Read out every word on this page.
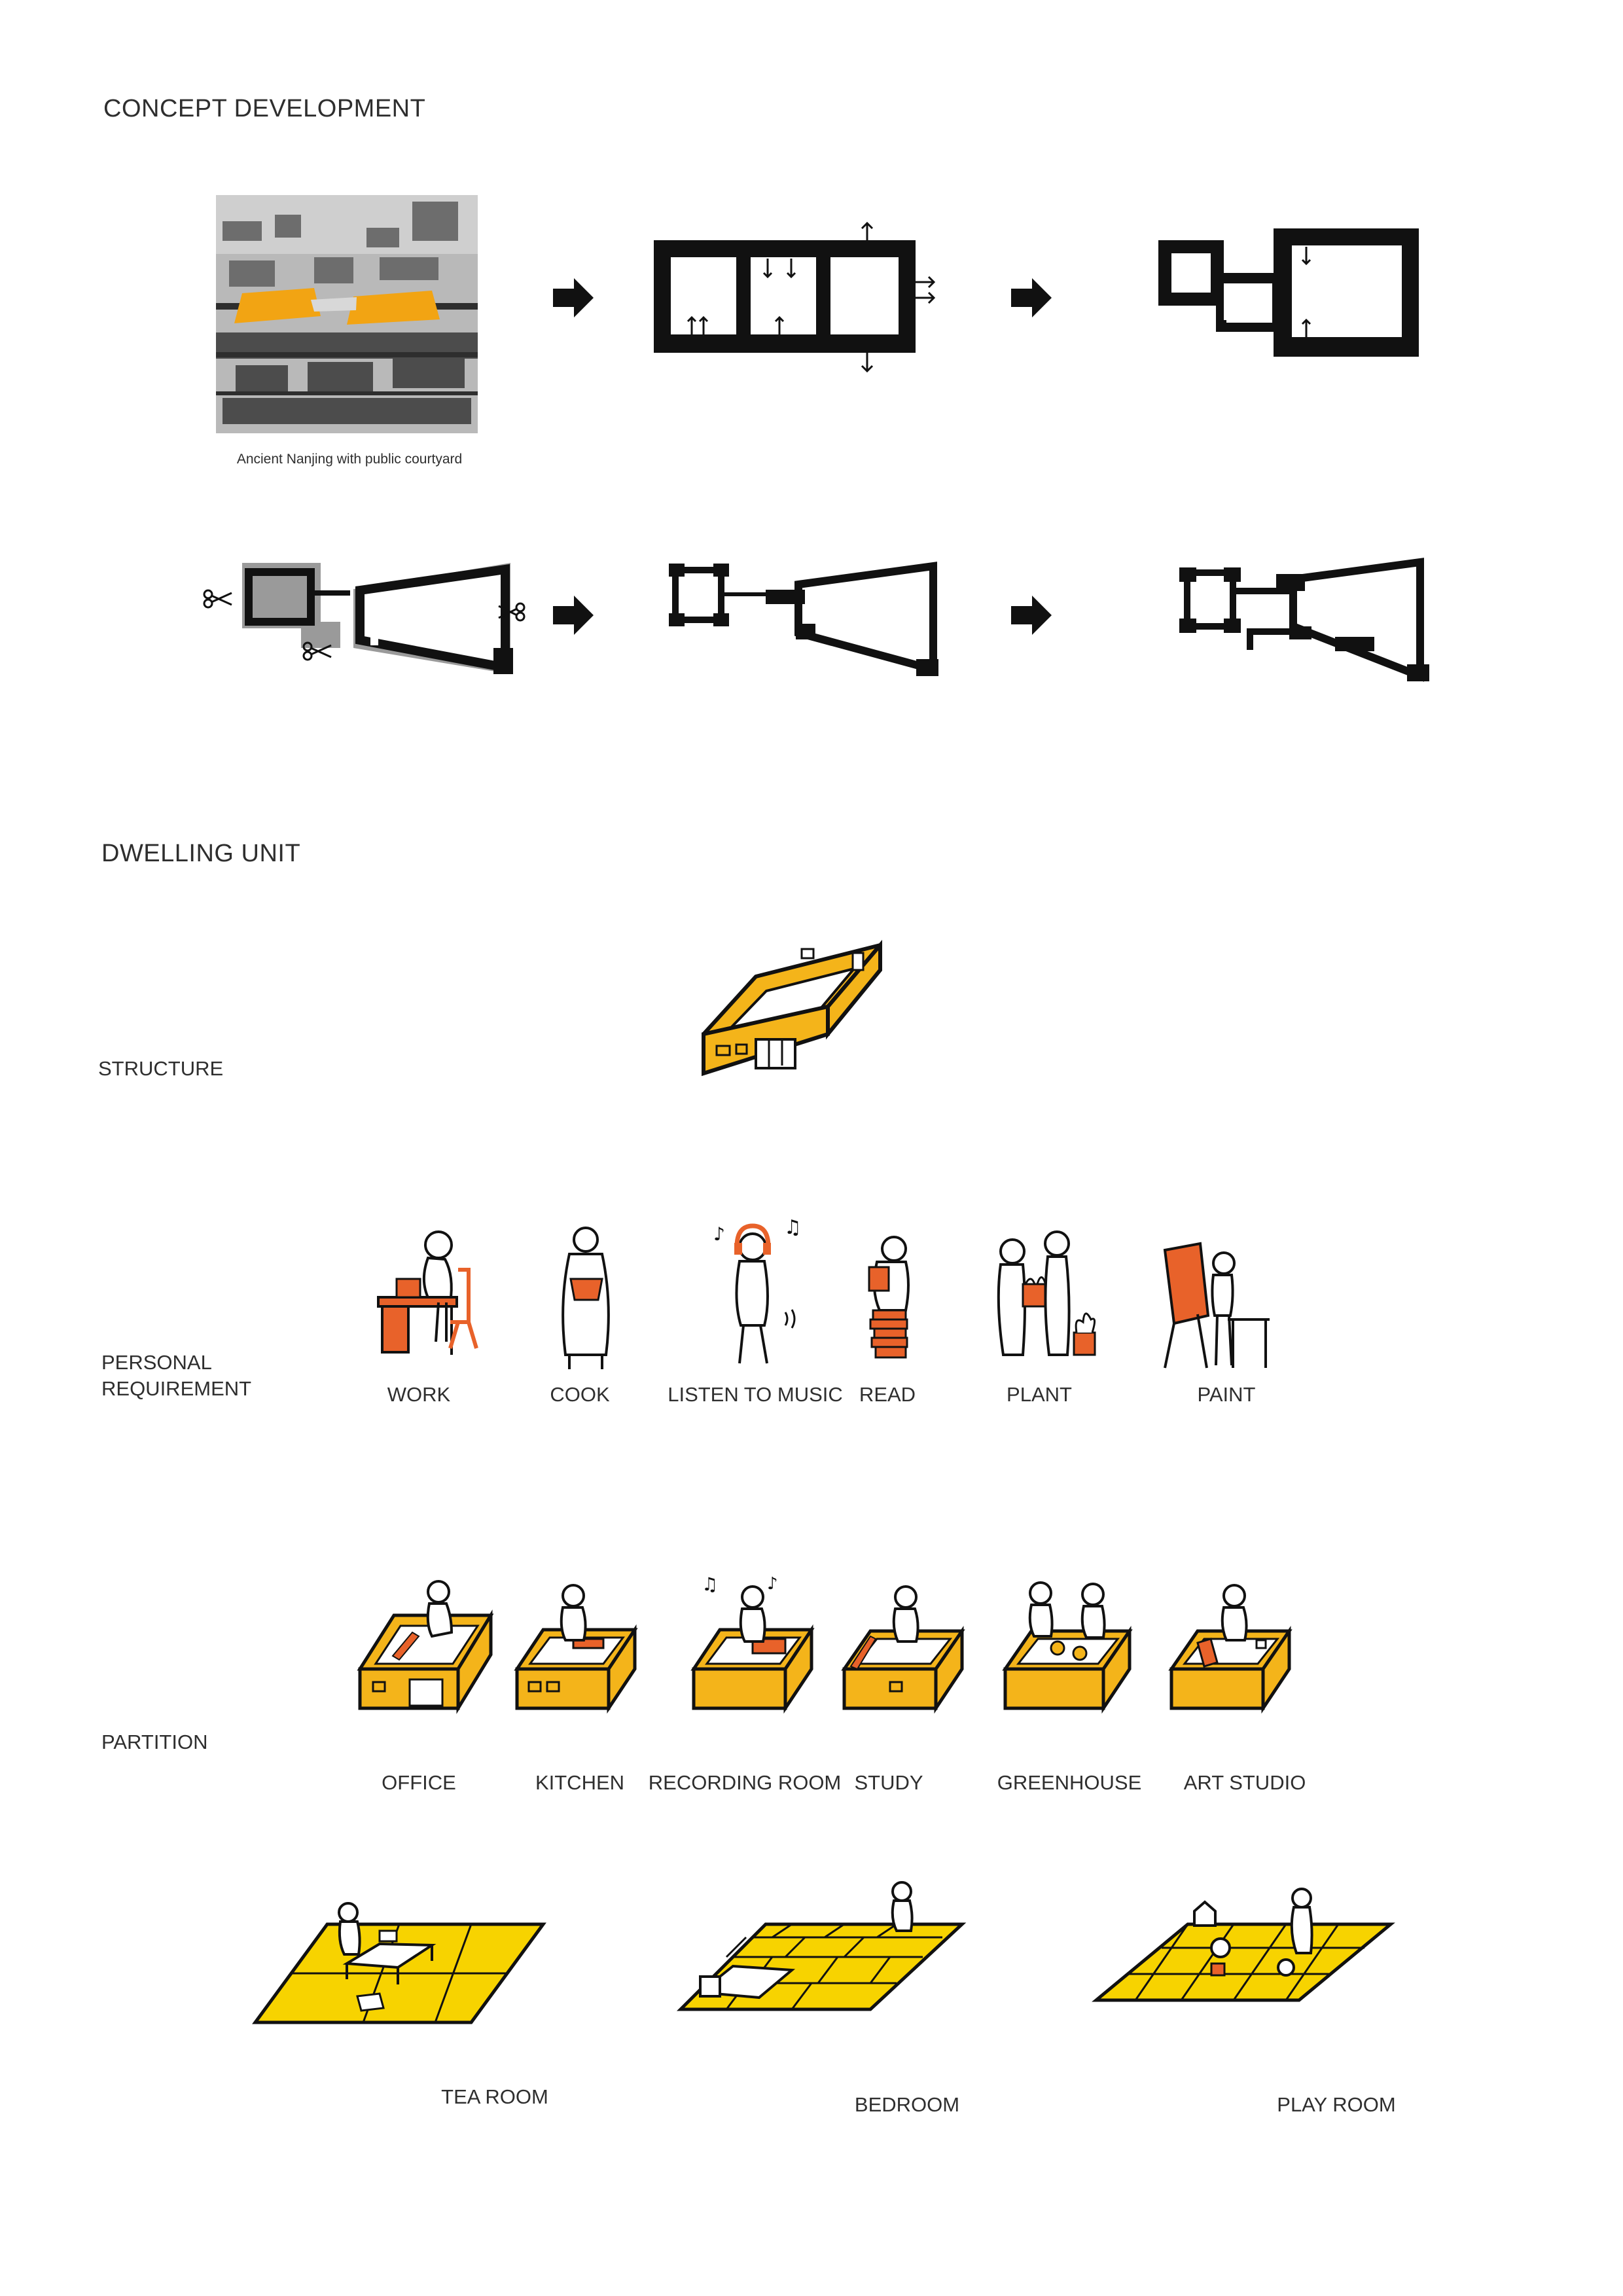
CONCEPT DEVELOPMENT
Ancient Nanjing with public courtyard
DWELLING UNIT
STRUCTURE
PERSONAL
REQUIREMENT	WORK	COOK
♪	♫
LISTEN TO MUSIC READ	PLANT	PAINT
PARTITION
OFFICE	KITCHEN
♫	♪
RECORDING ROOM STUDY	GREENHOUSE ART STUDIO
TEA ROOM	BEDROOM	PLAY ROOM
